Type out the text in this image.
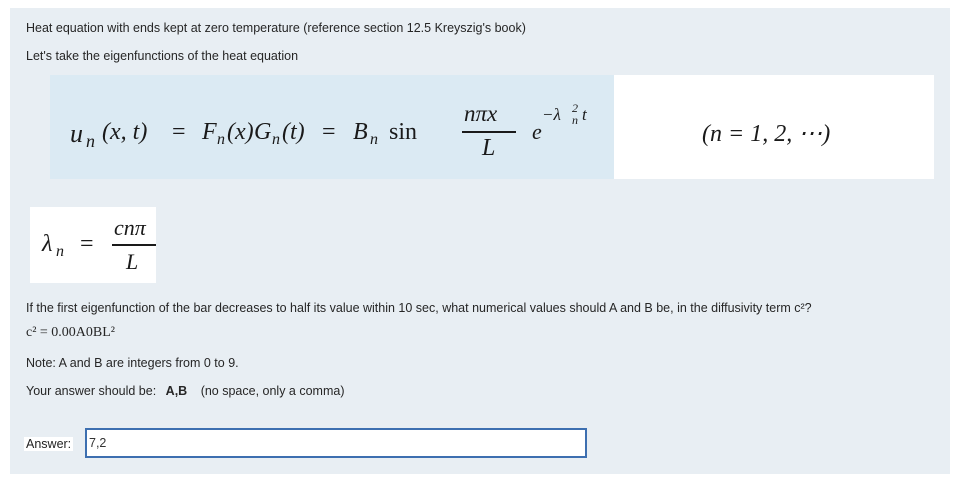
Heat equation with ends kept at zero temperature (reference section 12.5 Kreyszig's book)
Let's take the eigenfunctions of the heat equation
u n (x, t) = F n (x) G n (t) = B n sin
nπx
L
e
−λ 2
n t
(n = 1, 2, ⋯)
λ n =
cnπ
L
If the first eigenfunction of the bar decreases to half its value within 10 sec, what numerical values should A and B be, in the diffusivity term c²?
c² = 0.00A0BL²
Note: A and B are integers from 0 to 9.
Your answer should be: A,B (no space, only a comma)
Answer:
7,2
